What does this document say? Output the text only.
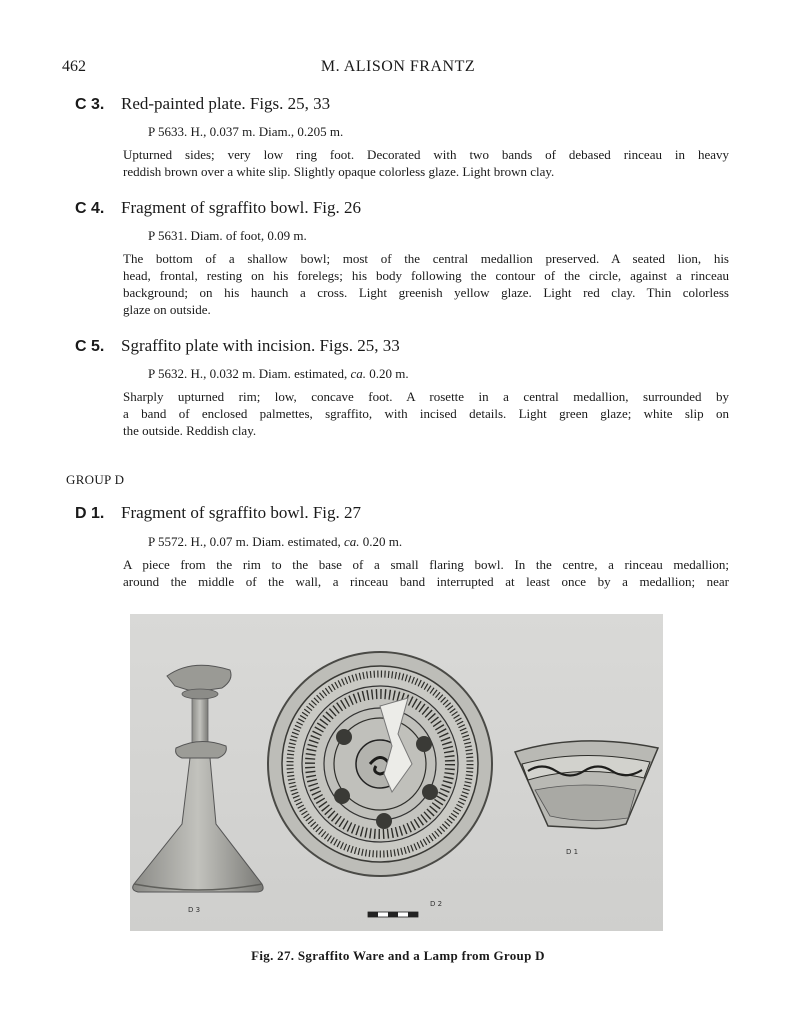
462	M. ALISON FRANTZ
C 3. Red-painted plate. Figs. 25, 33
P 5633. H., 0.037 m. Diam., 0.205 m.
Upturned sides; very low ring foot. Decorated with two bands of debased rinceau in heavy
reddish brown over a white slip. Slightly opaque colorless glaze. Light brown clay.
C 4. Fragment of sgraffito bowl. Fig. 26
P 5631. Diam. of foot, 0.09 m.
The bottom of a shallow bowl; most of the central medallion preserved. A seated lion, his
head, frontal, resting on his forelegs; his body following the contour of the circle, against a rinceau
background; on his haunch a cross. Light greenish yellow glaze. Light red clay. Thin colorless
glaze on outside.
C 5. Sgraffito plate with incision. Figs. 25, 33
P 5632. H., 0.032 m. Diam. estimated, ca. 0.20 m.
Sharply upturned rim; low, concave foot. A rosette in a central medallion, surrounded by
a band of enclosed palmettes, sgraffito, with incised details. Light green glaze; white slip on
the outside. Reddish clay.
GROUP D
D 1. Fragment of sgraffito bowl. Fig. 27
P 5572. H., 0.07 m. Diam. estimated, ca. 0.20 m.
A piece from the rim to the base of a small flaring bowl. In the centre, a rinceau medallion;
around the middle of the wall, a rinceau band interrupted at least once by a medallion; near
D 3
D 2
D 1
Fig. 27. Sgraffito Ware and a Lamp from Group D
